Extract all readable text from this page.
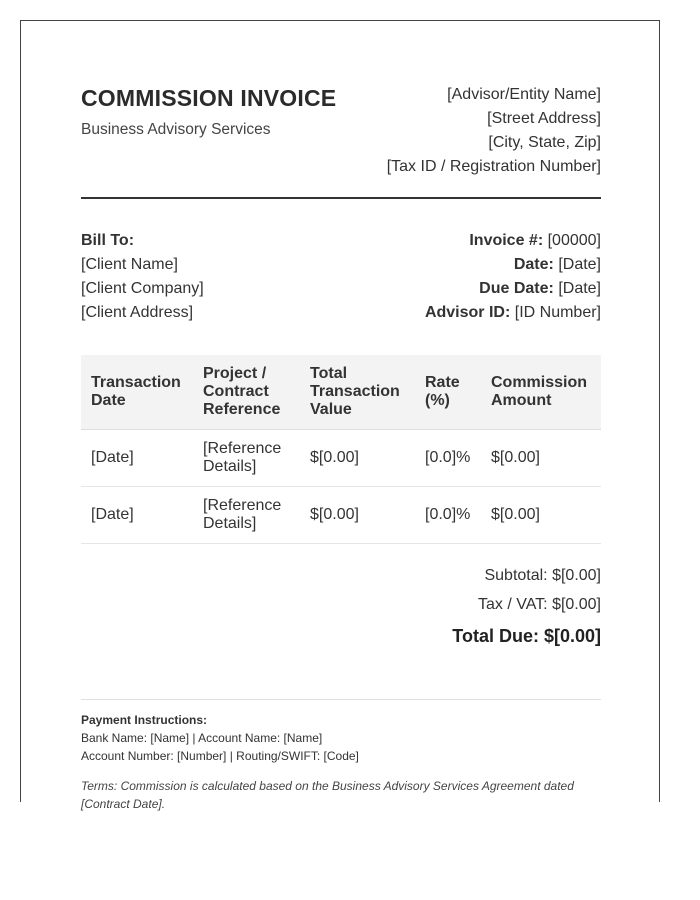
COMMISSION INVOICE
Business Advisory Services
[Advisor/Entity Name]
[Street Address]
[City, State, Zip]
[Tax ID / Registration Number]
Bill To:
[Client Name]
[Client Company]
[Client Address]
Invoice #: [00000]
Date: [Date]
Due Date: [Date]
Advisor ID: [ID Number]
Transaction Date	Project / Contract Reference	Total Transaction Value	Rate (%)	Commission Amount
[Date]	[Reference Details]	$[0.00]	[0.0]%	$[0.00]
[Date]	[Reference Details]	$[0.00]	[0.0]%	$[0.00]
Subtotal: $[0.00]
Tax / VAT: $[0.00]
Total Due: $[0.00]
Payment Instructions:
Bank Name: [Name] | Account Name: [Name]
Account Number: [Number] | Routing/SWIFT: [Code]
Terms: Commission is calculated based on the Business Advisory Services Agreement dated [Contract Date].
